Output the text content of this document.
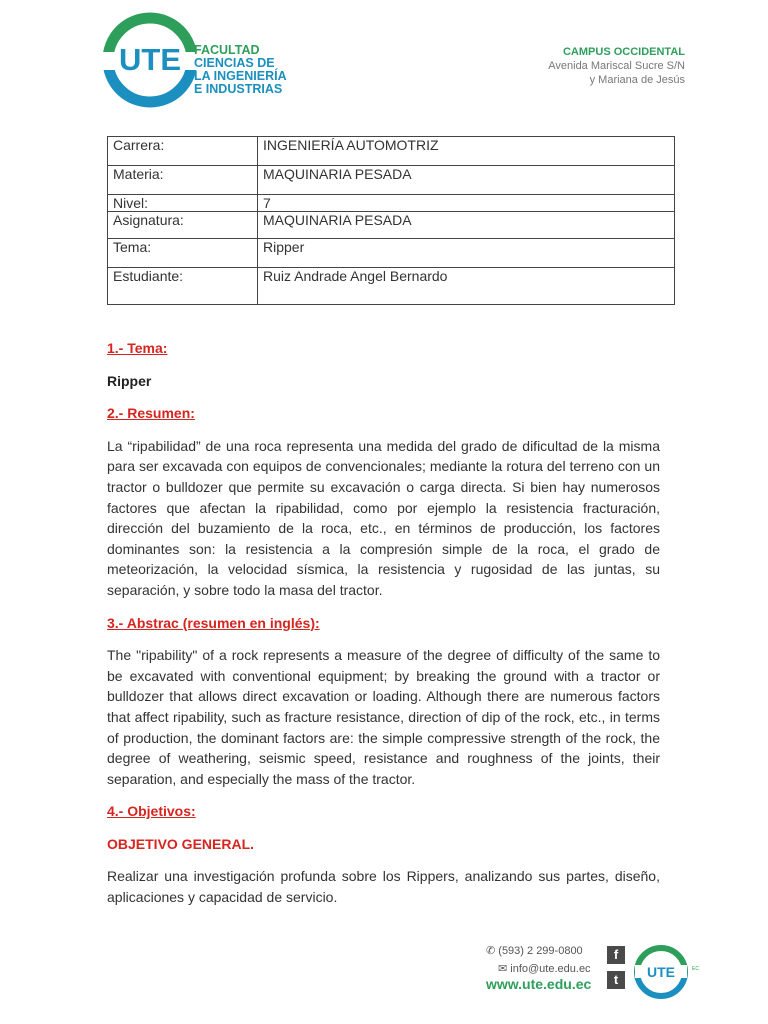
UTE FACULTAD
CIENCIAS DE
LA INGENIERÍA
E INDUSTRIAS
CAMPUS OCCIDENTAL
Avenida Mariscal Sucre S/N
y Mariana de Jesús
Carrera:	INGENIERÍA AUTOMOTRIZ
Materia:	MAQUINARIA PESADA
Nivel:	7
Asignatura:	MAQUINARIA PESADA
Tema:	Ripper
Estudiante:	Ruiz Andrade Angel Bernardo

1.- Tema:

Ripper

2.- Resumen:

La “ripabilidad” de una roca representa una medida del grado de dificultad de la misma para ser excavada con equipos de convencionales; mediante la rotura del terreno con un tractor o bulldozer que permite su excavación o carga directa. Si bien hay numerosos factores que afectan la ripabilidad, como por ejemplo la resistencia fracturación, dirección del buzamiento de la roca, etc., en términos de producción, los factores dominantes son: la resistencia a la compresión simple de la roca, el grado de meteorización, la velocidad sísmica, la resistencia y rugosidad de las juntas, su separación, y sobre todo la masa del tractor.

3.- Abstrac (resumen en inglés):

The "ripability" of a rock represents a measure of the degree of difficulty of the same to be excavated with conventional equipment; by breaking the ground with a tractor or bulldozer that allows direct excavation or loading. Although there are numerous factors that affect ripability, such as fracture resistance, direction of dip of the rock, etc., in terms of production, the dominant factors are: the simple compressive strength of the rock, the degree of weathering, seismic speed, resistance and roughness of the joints, their separation, and especially the mass of the tractor.

4.- Objetivos:

OBJETIVO GENERAL.

Realizar una investigación profunda sobre los Rippers, analizando sus partes, diseño, aplicaciones y capacidad de servicio.

✆ (593) 2 299-0800
✉ info@ute.edu.ec
www.ute.edu.ec
f
t	UTE	EC
